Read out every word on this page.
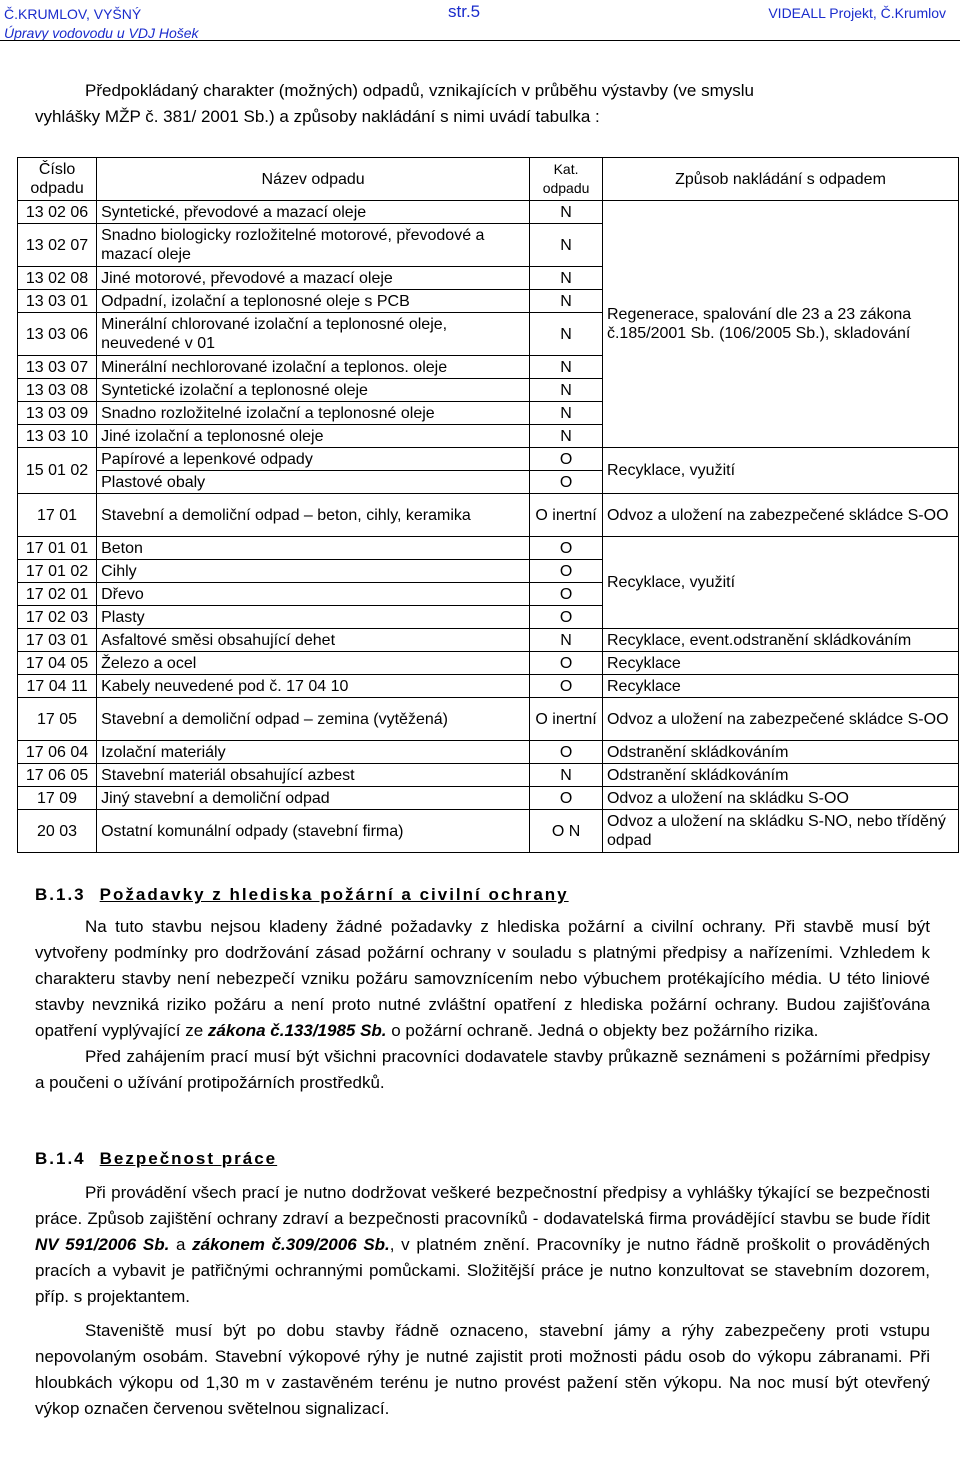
Č.KRUMLOV, VYŠNÝ
Úpravy vodovodu u VDJ Hošek
str.5	VIDEALL Projekt, Č.Krumlov
Předpokládaný charakter (možných) odpadů, vznikajících v průběhu výstavby (ve smyslu
vyhlášky MŽP č. 381/ 2001 Sb.) a způsoby nakládání s nimi uvádí tabulka :
Číslo odpadu	Název odpadu	Kat. odpadu	Způsob nakládání s odpadem
13 02 06	Syntetické, převodové a mazací oleje	N	Regenerace, spalování dle 23 a 23 zákona č.185/2001 Sb. (106/2005 Sb.), skladování
13 02 07	Snadno biologicky rozložitelné motorové, převodové a mazací oleje	N	
13 02 08	Jiné motorové, převodové a mazací oleje	N	
13 03 01	Odpadní, izolační a teplonosné oleje s PCB	N	
13 03 06	Minerální chlorované izolační a teplonosné oleje, neuvedené v 01	N	
13 03 07	Minerální nechlorované izolační a teplonos. oleje	N	
13 03 08	Syntetické izolační a teplonosné oleje	N	
13 03 09	Snadno rozložitelné izolační a teplonosné oleje	N	
13 03 10	Jiné izolační a teplonosné oleje	N	
15 01 02	Papírové a lepenkové odpady	O	Recyklace, využití
	Plastové obaly	O	
17 01	Stavební a demoliční odpad – beton, cihly, keramika	O inertní	Odvoz a uložení na zabezpečené skládce S-OO
17 01 01	Beton	O	Recyklace, využití
17 01 02	Cihly	O	
17 02 01	Dřevo	O	
17 02 03	Plasty	O	
17 03 01	Asfaltové směsi obsahující dehet	N	Recyklace, event.odstranění skládkováním
17 04 05	Železo a ocel	O	Recyklace
17 04 11	Kabely neuvedené pod č. 17 04 10	O	Recyklace
17 05	Stavební a demoliční odpad – zemina (vytěžená)	O inertní	Odvoz a uložení na zabezpečené skládce S-OO
17 06 04	Izolační materiály	O	Odstranění skládkováním
17 06 05	Stavební materiál obsahující azbest	N	Odstranění skládkováním
17 09	Jiný stavební a demoliční odpad	O	Odvoz a uložení na skládku S-OO
20 03	Ostatní komunální odpady (stavební firma)	O N	Odvoz a uložení na skládku S-NO, nebo tříděný odpad
B.1.3 Požadavky z hlediska požární a civilní ochrany
Na tuto stavbu nejsou kladeny žádné požadavky z hlediska požární a civilní ochrany. Při stavbě musí být vytvořeny podmínky pro dodržování zásad požární ochrany v souladu s platnými předpisy a nařízeními. Vzhledem k charakteru stavby není nebezpečí vzniku požáru samovznícením nebo výbuchem protékajícího média. U této liniové stavby nevzniká riziko požáru a není proto nutné zvláštní opatření z hlediska požární ochrany. Budou zajišťována opatření vyplývající ze zákona č.133/1985 Sb. o požární ochraně. Jedná o objekty bez požárního rizika.
Před zahájením prací musí být všichni pracovníci dodavatele stavby průkazně seznámeni s požárními předpisy a poučeni o užívání protipožárních prostředků.
B.1.4 Bezpečnost práce
Při provádění všech prací je nutno dodržovat veškeré bezpečnostní předpisy a vyhlášky týkající se bezpečnosti práce. Způsob zajištění ochrany zdraví a bezpečnosti pracovníků - dodavatelská firma provádějící stavbu se bude řídit NV 591/2006 Sb. a zákonem č.309/2006 Sb., v platném znění. Pracovníky je nutno řádně proškolit o prováděných pracích a vybavit je patřičnými ochrannými pomůckami. Složitější práce je nutno konzultovat se stavebním dozorem, příp. s projektantem.
Staveniště musí být po dobu stavby řádně oznaceno, stavební jámy a rýhy zabezpečeny proti vstupu nepovolaným osobám. Stavební výkopové rýhy je nutné zajistit proti možnosti pádu osob do výkopu zábranami. Při hloubkách výkopu od 1,30 m v zastavěném terénu je nutno provést pažení stěn výkopu. Na noc musí být otevřený výkop označen červenou světelnou signalizací.
